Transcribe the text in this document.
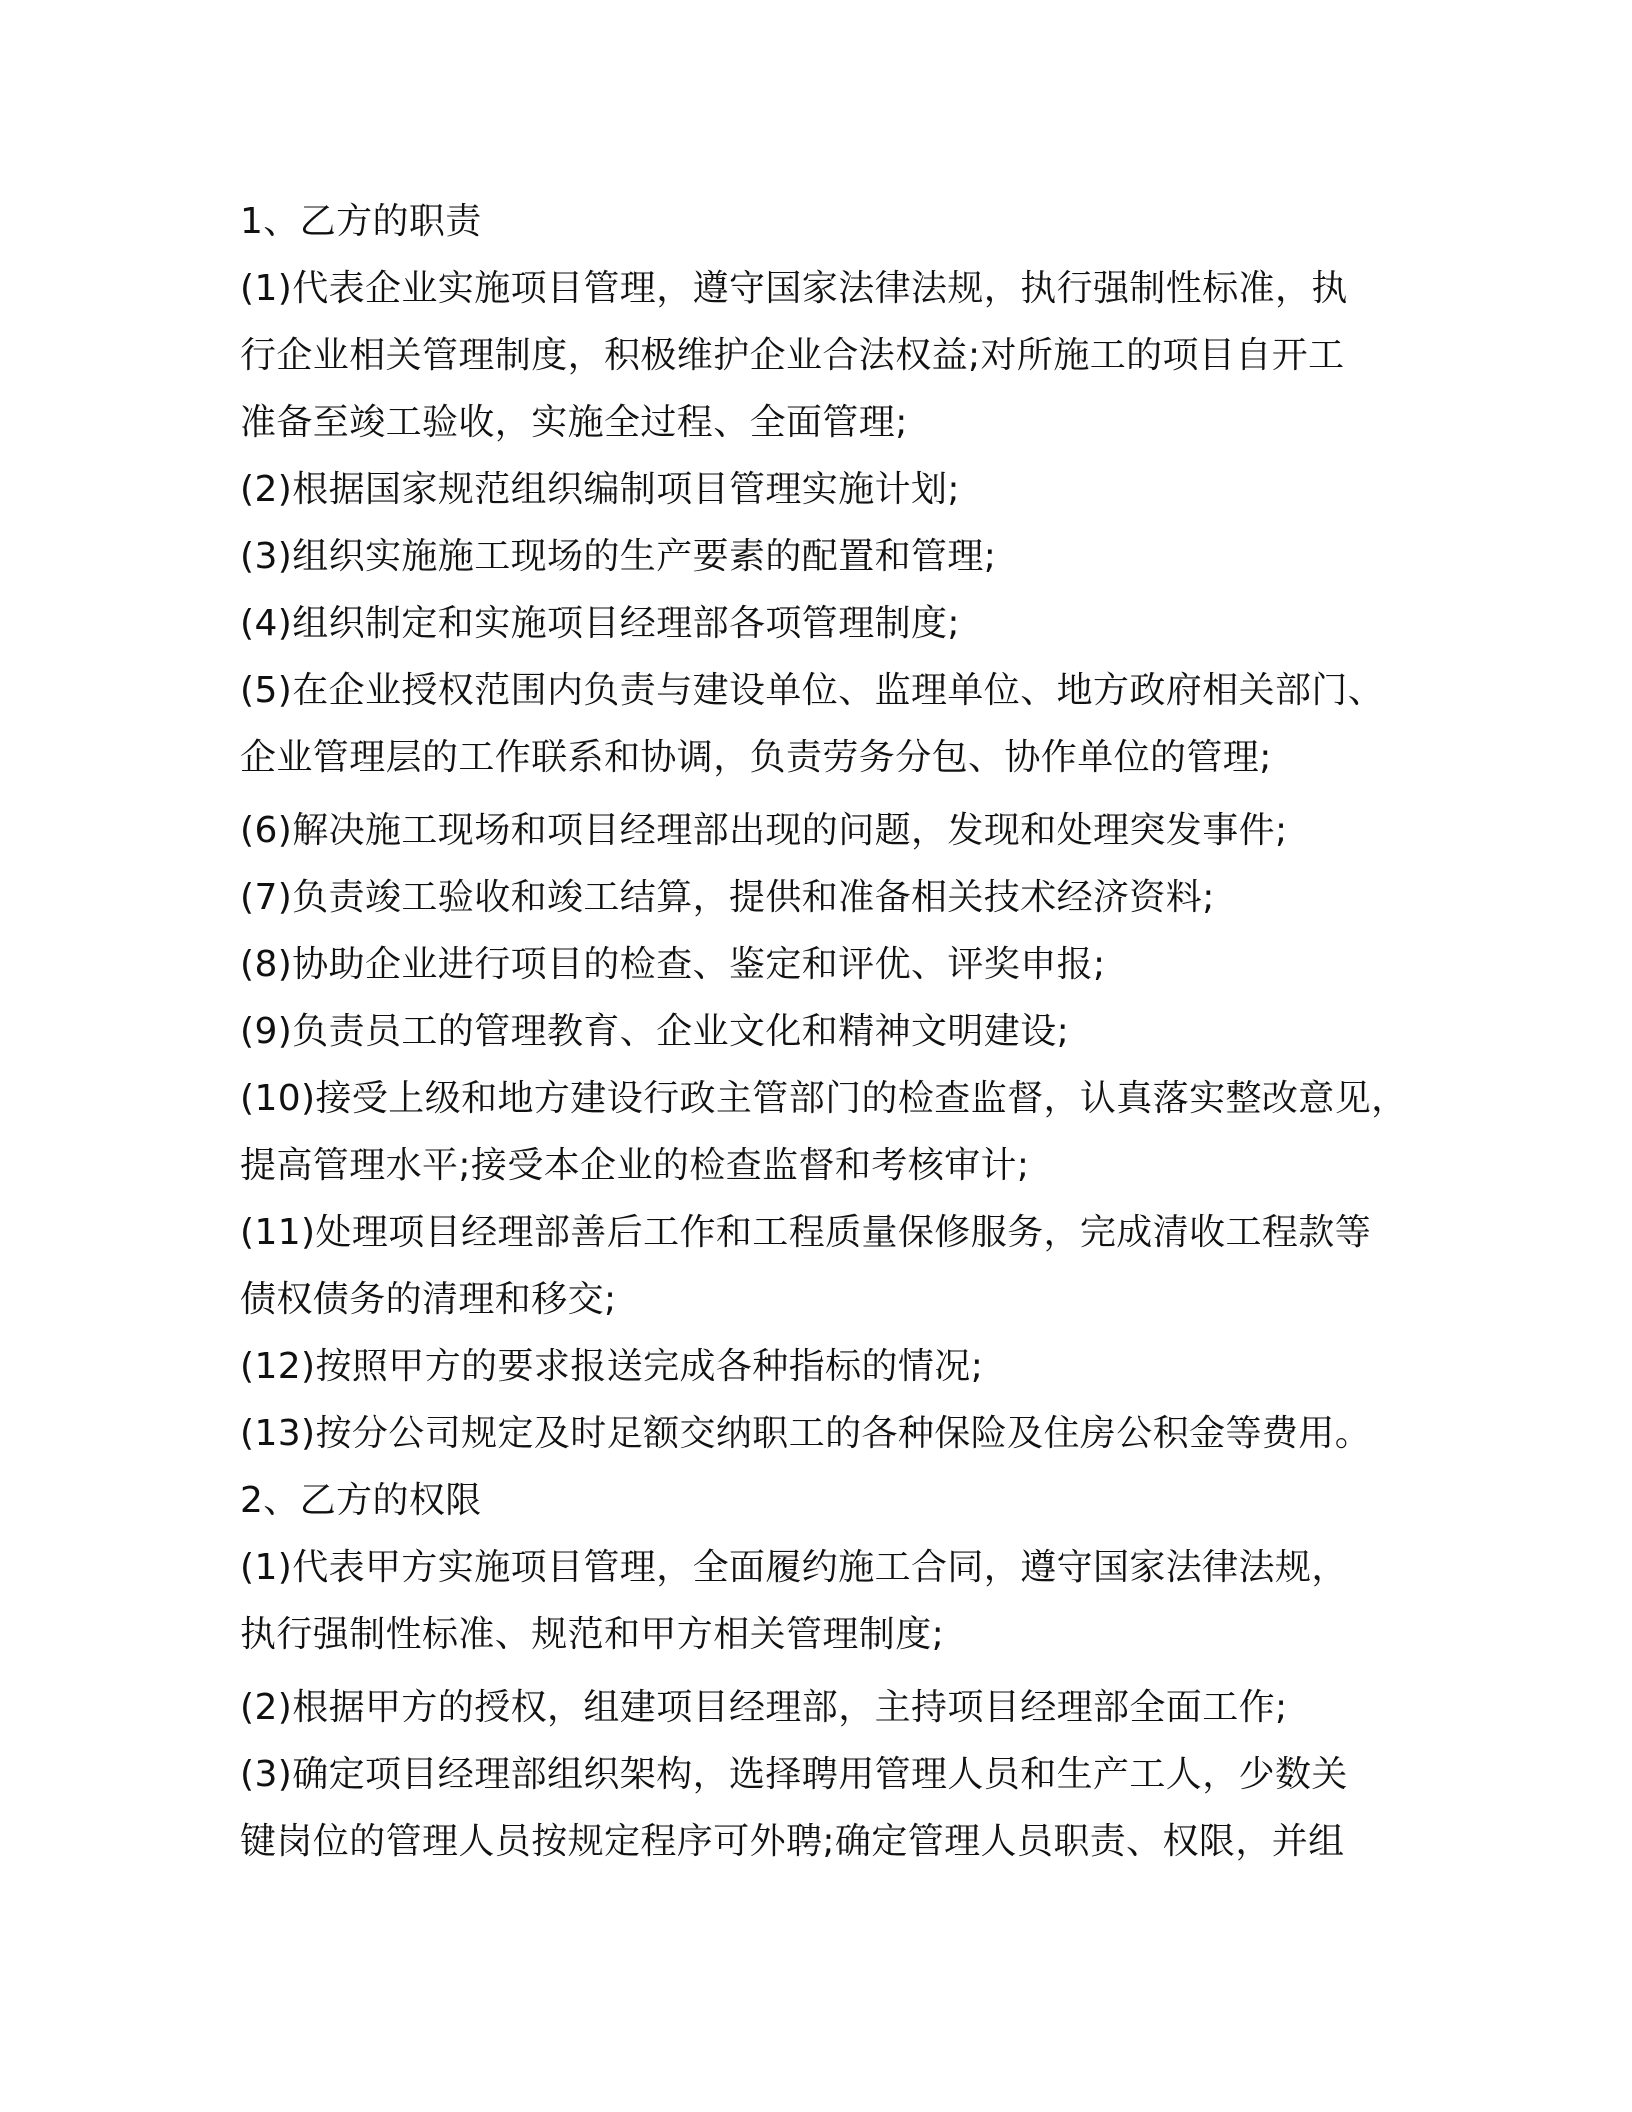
1、乙方的职责
(1)代表企业实施项目管理，遵守国家法律法规，执行强制性标准，执
行企业相关管理制度，积极维护企业合法权益;对所施工的项目自开工
准备至竣工验收，实施全过程、全面管理;
(2)根据国家规范组织编制项目管理实施计划;
(3)组织实施施工现场的生产要素的配置和管理;
(4)组织制定和实施项目经理部各项管理制度;
(5)在企业授权范围内负责与建设单位、监理单位、地方政府相关部门、
企业管理层的工作联系和协调，负责劳务分包、协作单位的管理;
(6)解决施工现场和项目经理部出现的问题，发现和处理突发事件;
(7)负责竣工验收和竣工结算，提供和准备相关技术经济资料;
(8)协助企业进行项目的检查、鉴定和评优、评奖申报;
(9)负责员工的管理教育、企业文化和精神文明建设;
(10)接受上级和地方建设行政主管部门的检查监督，认真落实整改意见，
提高管理水平;接受本企业的检查监督和考核审计;
(11)处理项目经理部善后工作和工程质量保修服务，完成清收工程款等
债权债务的清理和移交;
(12)按照甲方的要求报送完成各种指标的情况;
(13)按分公司规定及时足额交纳职工的各种保险及住房公积金等费用。
2、乙方的权限
(1)代表甲方实施项目管理，全面履约施工合同，遵守国家法律法规，
执行强制性标准、规范和甲方相关管理制度;
(2)根据甲方的授权，组建项目经理部，主持项目经理部全面工作;
(3)确定项目经理部组织架构，选择聘用管理人员和生产工人，少数关
键岗位的管理人员按规定程序可外聘;确定管理人员职责、权限，并组
